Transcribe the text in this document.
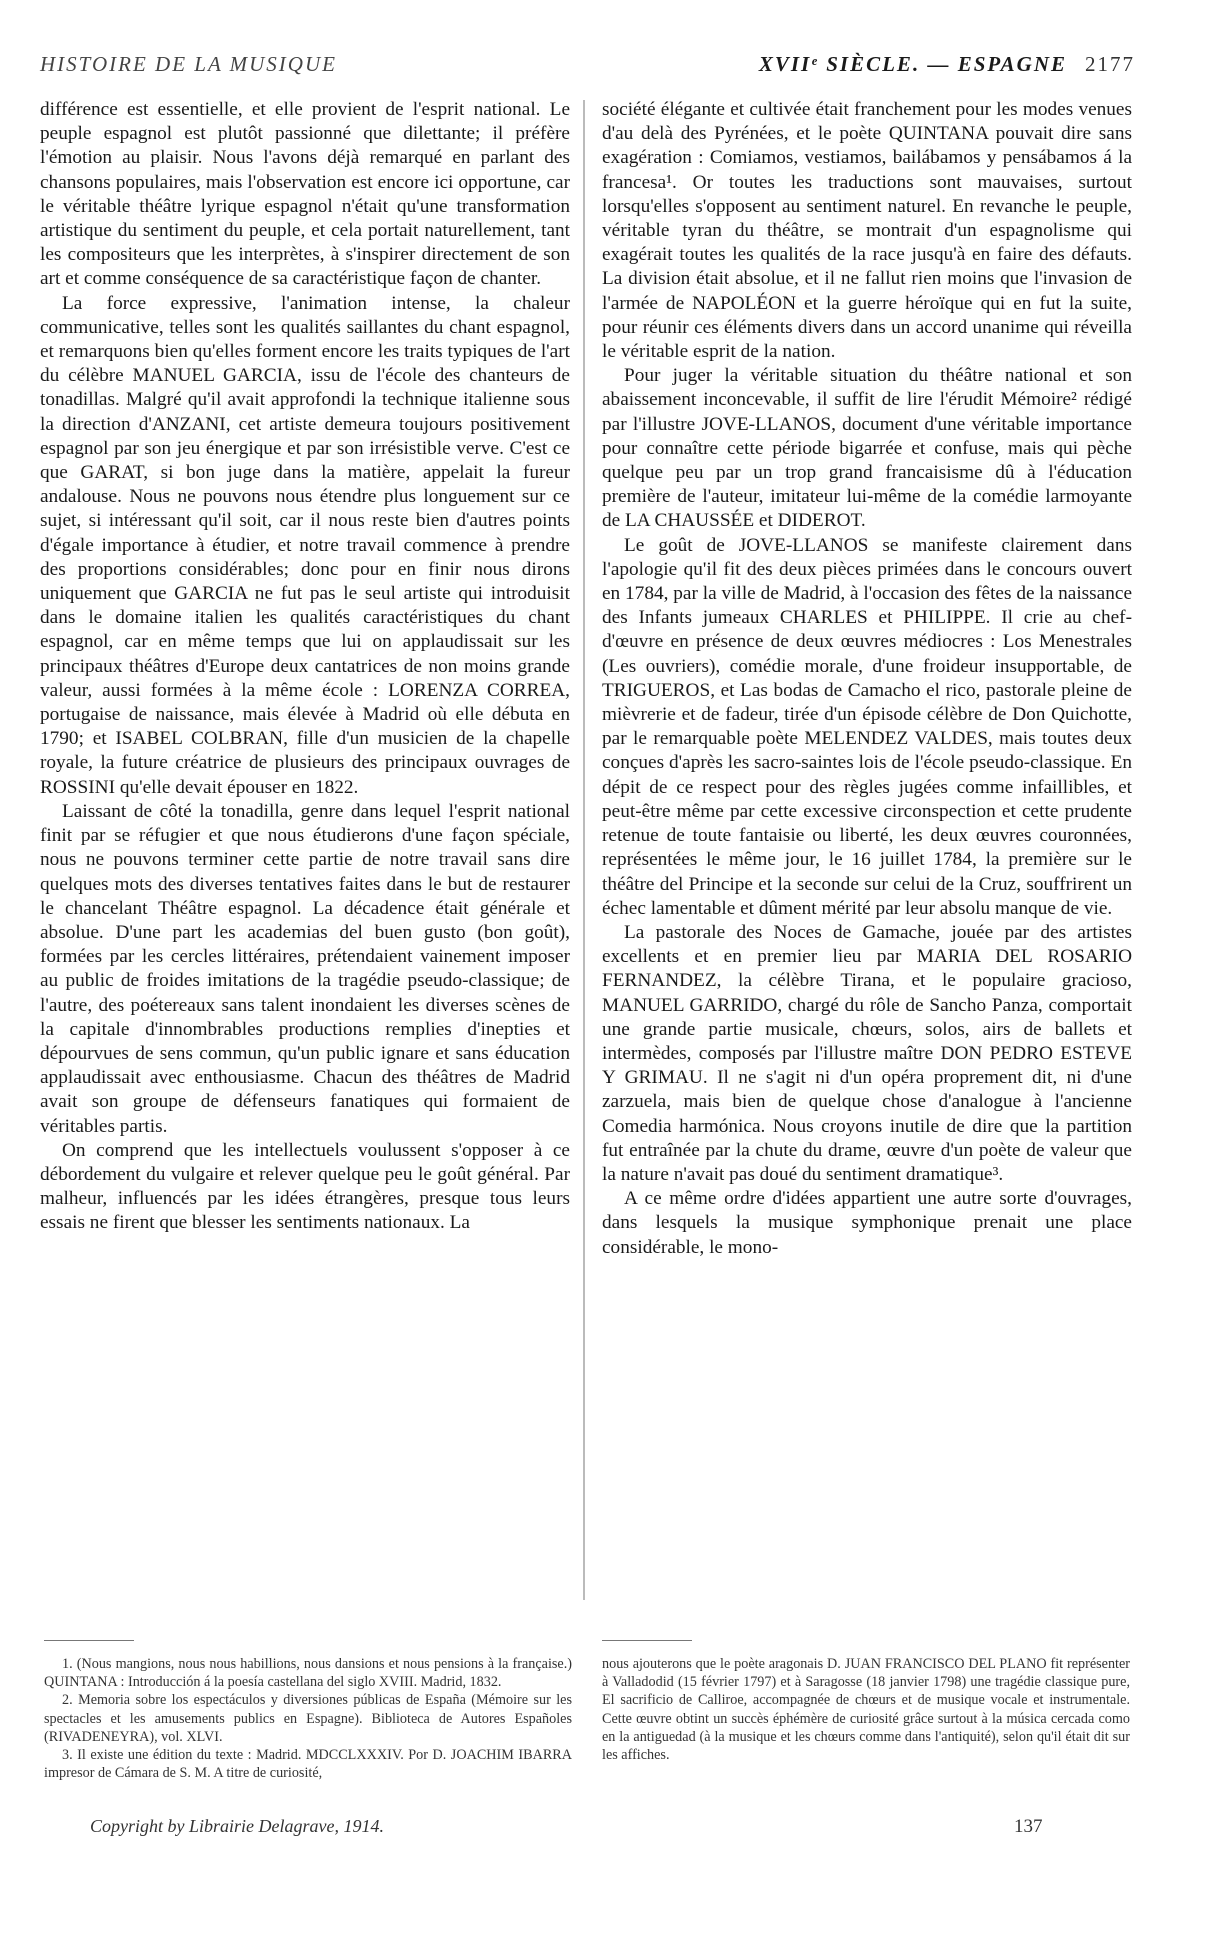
HISTOIRE DE LA MUSIQUE	XVIIᵉ SIÈCLE. — ESPAGNE 2177

différence est essentielle, et elle provient de l'esprit national. Le peuple espagnol est plutôt passionné que dilettante; il préfère l'émotion au plaisir. Nous l'avons déjà remarqué en parlant des chansons populaires, mais l'observation est encore ici opportune, car le véritable théâtre lyrique espagnol n'était qu'une transformation artistique du sentiment du peuple, et cela portait naturellement, tant les compositeurs que les interprètes, à s'inspirer directement de son art et comme conséquence de sa caractéristique façon de chanter.

La force expressive, l'animation intense, la chaleur communicative, telles sont les qualités saillantes du chant espagnol, et remarquons bien qu'elles forment encore les traits typiques de l'art du célèbre MANUEL GARCIA, issu de l'école des chanteurs de tonadillas. Malgré qu'il avait approfondi la technique italienne sous la direction d'ANZANI, cet artiste demeura toujours positivement espagnol par son jeu énergique et par son irrésistible verve. C'est ce que GARAT, si bon juge dans la matière, appelait la fureur andalouse. Nous ne pouvons nous étendre plus longuement sur ce sujet, si intéressant qu'il soit, car il nous reste bien d'autres points d'égale importance à étudier, et notre travail commence à prendre des proportions considérables; donc pour en finir nous dirons uniquement que GARCIA ne fut pas le seul artiste qui introduisit dans le domaine italien les qualités caractéristiques du chant espagnol, car en même temps que lui on applaudissait sur les principaux théâtres d'Europe deux cantatrices de non moins grande valeur, aussi formées à la même école : LORENZA CORREA, portugaise de naissance, mais élevée à Madrid où elle débuta en 1790; et ISABEL COLBRAN, fille d'un musicien de la chapelle royale, la future créatrice de plusieurs des principaux ouvrages de ROSSINI qu'elle devait épouser en 1822.

Laissant de côté la tonadilla, genre dans lequel l'esprit national finit par se réfugier et que nous étudierons d'une façon spéciale, nous ne pouvons terminer cette partie de notre travail sans dire quelques mots des diverses tentatives faites dans le but de restaurer le chancelant Théâtre espagnol. La décadence était générale et absolue. D'une part les academias del buen gusto (bon goût), formées par les cercles littéraires, prétendaient vainement imposer au public de froides imitations de la tragédie pseudo-classique; de l'autre, des poétereaux sans talent inondaient les diverses scènes de la capitale d'innombrables productions remplies d'inepties et dépourvues de sens commun, qu'un public ignare et sans éducation applaudissait avec enthousiasme. Chacun des théâtres de Madrid avait son groupe de défenseurs fanatiques qui formaient de véritables partis.

On comprend que les intellectuels voulussent s'opposer à ce débordement du vulgaire et relever quelque peu le goût général. Par malheur, influencés par les idées étrangères, presque tous leurs essais ne firent que blesser les sentiments nationaux. La

société élégante et cultivée était franchement pour les modes venues d'au delà des Pyrénées, et le poète QUINTANA pouvait dire sans exagération : Comiamos, vestiamos, bailábamos y pensábamos á la francesa¹. Or toutes les traductions sont mauvaises, surtout lorsqu'elles s'opposent au sentiment naturel. En revanche le peuple, véritable tyran du théâtre, se montrait d'un espagnolisme qui exagérait toutes les qualités de la race jusqu'à en faire des défauts. La division était absolue, et il ne fallut rien moins que l'invasion de l'armée de NAPOLÉON et la guerre héroïque qui en fut la suite, pour réunir ces éléments divers dans un accord unanime qui réveilla le véritable esprit de la nation.

Pour juger la véritable situation du théâtre national et son abaissement inconcevable, il suffit de lire l'érudit Mémoire² rédigé par l'illustre JOVE-LLANOS, document d'une véritable importance pour connaître cette période bigarrée et confuse, mais qui pèche quelque peu par un trop grand francaisisme dû à l'éducation première de l'auteur, imitateur lui-même de la comédie larmoyante de LA CHAUSSÉE et DIDEROT.

Le goût de JOVE-LLANOS se manifeste clairement dans l'apologie qu'il fit des deux pièces primées dans le concours ouvert en 1784, par la ville de Madrid, à l'occasion des fêtes de la naissance des Infants jumeaux CHARLES et PHILIPPE. Il crie au chef-d'œuvre en présence de deux œuvres médiocres : Los Menestrales (Les ouvriers), comédie morale, d'une froideur insupportable, de TRIGUEROS, et Las bodas de Camacho el rico, pastorale pleine de mièvrerie et de fadeur, tirée d'un épisode célèbre de Don Quichotte, par le remarquable poète MELENDEZ VALDES, mais toutes deux conçues d'après les sacro-saintes lois de l'école pseudo-classique. En dépit de ce respect pour des règles jugées comme infaillibles, et peut-être même par cette excessive circonspection et cette prudente retenue de toute fantaisie ou liberté, les deux œuvres couronnées, représentées le même jour, le 16 juillet 1784, la première sur le théâtre del Principe et la seconde sur celui de la Cruz, souffrirent un échec lamentable et dûment mérité par leur absolu manque de vie.

La pastorale des Noces de Gamache, jouée par des artistes excellents et en premier lieu par MARIA DEL ROSARIO FERNANDEZ, la célèbre Tirana, et le populaire gracioso, MANUEL GARRIDO, chargé du rôle de Sancho Panza, comportait une grande partie musicale, chœurs, solos, airs de ballets et intermèdes, composés par l'illustre maître DON PEDRO ESTEVE Y GRIMAU. Il ne s'agit ni d'un opéra proprement dit, ni d'une zarzuela, mais bien de quelque chose d'analogue à l'ancienne Comedia harmónica. Nous croyons inutile de dire que la partition fut entraînée par la chute du drame, œuvre d'un poète de valeur que la nature n'avait pas doué du sentiment dramatique³.

A ce même ordre d'idées appartient une autre sorte d'ouvrages, dans lesquels la musique symphonique prenait une place considérable, le mono-

1. (Nous mangions, nous nous habillions, nous dansions et nous pensions à la française.) QUINTANA : Introducción á la poesía castellana del siglo XVIII. Madrid, 1832.

2. Memoria sobre los espectáculos y diversiones públicas de España (Mémoire sur les spectacles et les amusements publics en Espagne). Biblioteca de Autores Españoles (RIVADENEYRA), vol. XLVI.

3. Il existe une édition du texte : Madrid. MDCCLXXXIV. Por D. JOACHIM IBARRA impresor de Cámara de S. M. A titre de curiosité,

nous ajouterons que le poète aragonais D. JUAN FRANCISCO DEL PLANO fit représenter à Valladodid (15 février 1797) et à Saragosse (18 janvier 1798) une tragédie classique pure, El sacrificio de Calliroe, accompagnée de chœurs et de musique vocale et instrumentale. Cette œuvre obtint un succès éphémère de curiosité grâce surtout à la música cercada como en la antiguedad (à la musique et les chœurs comme dans l'antiquité), selon qu'il était dit sur les affiches.

Copyright by Librairie Delagrave, 1914.	137
